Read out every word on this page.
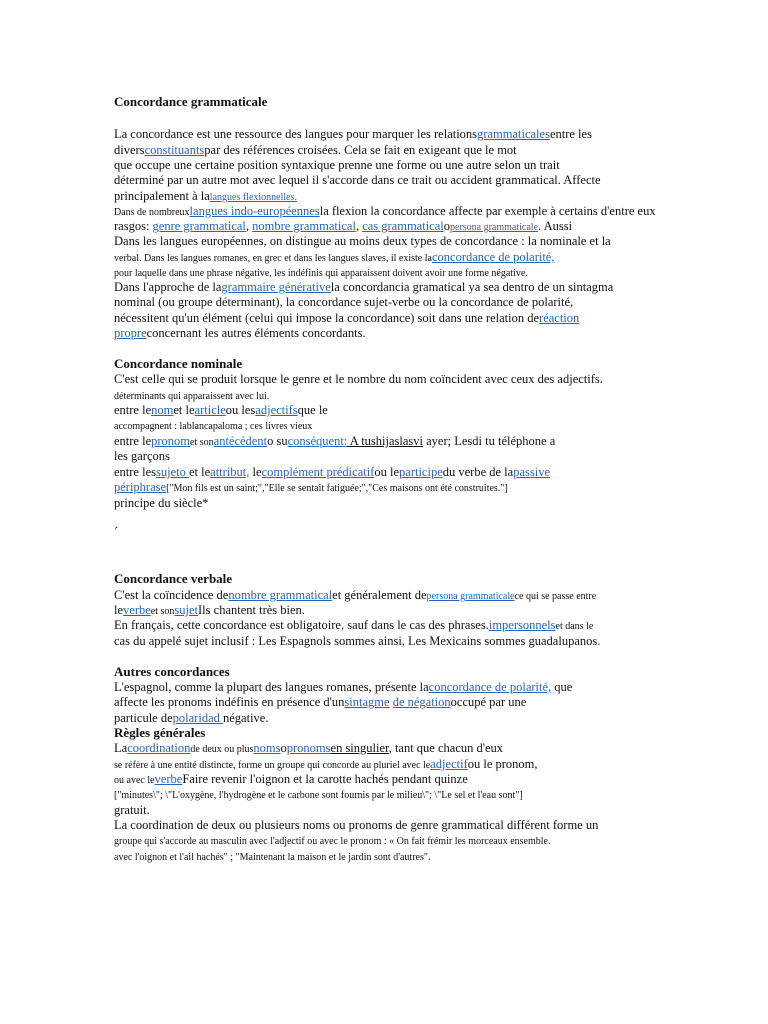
Concordance grammaticale
La concordance est une ressource des langues pour marquer les relationsgrammaticalesentre les
diversconstituantspar des références croisées. Cela se fait en exigeant que le mot
que occupe une certaine position syntaxique prenne une forme ou une autre selon un trait
déterminé par un autre mot avec lequel il s'accorde dans ce trait ou accident grammatical. Affecte
principalement à lalangues flexionnelles.
Dans de nombreuxlangues indo-européennesla flexion la concordance affecte par exemple à certains d'entre eux
rasgos: genre grammatical, nombre grammatical, cas grammaticalopersona grammaticale. Aussi
Dans les langues européennes, on distingue au moins deux types de concordance : la nominale et la
verbal. Dans les langues romanes, en grec et dans les langues slaves, il existe laconcordance de polarité,
pour laquelle dans une phrase négative, les indéfinis qui apparaissent doivent avoir une forme négative.
Dans l'approche de lagrammaire générativela concordancia gramatical ya sea dentro de un sintagma
nominal (ou groupe déterminant), la concordance sujet-verbe ou la concordance de polarité,
nécessitent qu'un élément (celui qui impose la concordance) soit dans une relation deréaction
propreconcernant les autres éléments concordants.
Concordance nominale
C'est celle qui se produit lorsque le genre et le nombre du nom coïncident avec ceux des adjectifs.
déterminants qui apparaissent avec lui.
entre lenomet learticleou lesadjectifsque le
accompagnent : lablancapaloma ; ces livres vieux
entre lepronomet sonantécédento suconséquent: A tushijaslasvi ayer; Lesdi tu téléphone a
les garçons
entre lessujeto et leattribut, lecomplément prédicatifou leparticipedu verbe de lapassive
périphrase["Mon fils est un saint;","Elle se sentait fatiguée;","Ces maisons ont été construites."]
principe du siècle*
´
Concordance verbale
C'est la coïncidence denombre grammaticalet généralement depersona grammaticalece qui se passe entre
leverbeet sonsujetIls chantent très bien.
En français, cette concordance est obligatoire, sauf dans le cas des phrases.impersonnelset dans le
cas du appelé sujet inclusif : Les Espagnols sommes ainsi, Les Mexicains sommes guadalupanos.
Autres concordances
L'espagnol, comme la plupart des langues romanes, présente laconcordance de polarité, que
affecte les pronoms indéfinis en présence d'unsintagme de négationoccupé par une
particule depolaridad négative.
Règles générales
Lacoordinationde deux ou plusnomsopronomsen singulier, tant que chacun d'eux
se réfère à une entité distincte, forme un groupe qui concorde au pluriel avec leadjectifou le pronom,
ou avec leverbeFaire revenir l'oignon et la carotte hachés pendant quinze
["minutes\"; \"L'oxygène, l'hydrogène et le carbone sont fournis par le milieu\"; \"Le sel et l'eau sont"]
gratuit.
La coordination de deux ou plusieurs noms ou pronoms de genre grammatical différent forme un
groupe qui s'accorde au masculin avec l'adjectif ou avec le pronom : « On fait frémir les morceaux ensemble.
avec l'oignon et l'ail hachés" ; "Maintenant la maison et le jardin sont d'autres".
